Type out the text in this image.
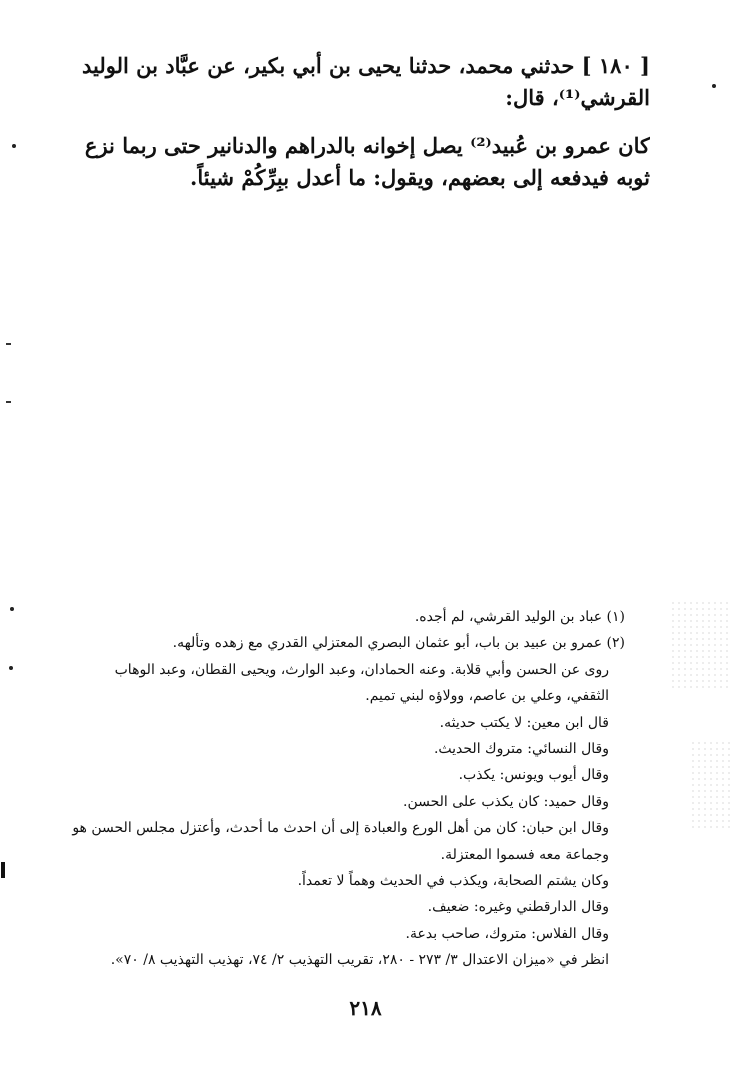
[ ١٨٠ ] حدثني محمد، حدثنا يحيى بن أبي بكير، عن عبَّاد بن الوليد
القرشي⁽¹⁾، قال:
كان عمرو بن عُبيد⁽²⁾ يصل إخوانه بالدراهم والدنانير حتى ربما نزع
ثوبه فيدفعه إلى بعضهم، ويقول: ما أعدل ببِرِّكُمْ شيئاً.
(١) عباد بن الوليد القرشي، لم أجده.
(٢) عمرو بن عبيد بن باب، أبو عثمان البصري المعتزلي القدري مع زهده وتألهه.
روى عن الحسن وأبي قلابة. وعنه الحمادان، وعبد الوارث، ويحيى القطان، وعبد الوهاب
الثقفي، وعلي بن عاصم، وولاؤه لبني تميم.
قال ابن معين: لا يكتب حديثه.
وقال النسائي: متروك الحديث.
وقال أيوب ويونس: يكذب.
وقال حميد: كان يكذب على الحسن.
وقال ابن حبان: كان من أهل الورع والعبادة إلى أن احدث ما أحدث، وأعتزل مجلس الحسن هو
وجماعة معه فسموا المعتزلة.
وكان يشتم الصحابة، ويكذب في الحديث وهماً لا تعمداً.
وقال الدارقطني وغيره: ضعيف.
وقال الفلاس: متروك، صاحب بدعة.
انظر في «ميزان الاعتدال ٣/ ٢٧٣ - ٢٨٠، تقريب التهذيب ٢/ ٧٤، تهذيب التهذيب ٨/ ٧٠».
٢١٨
